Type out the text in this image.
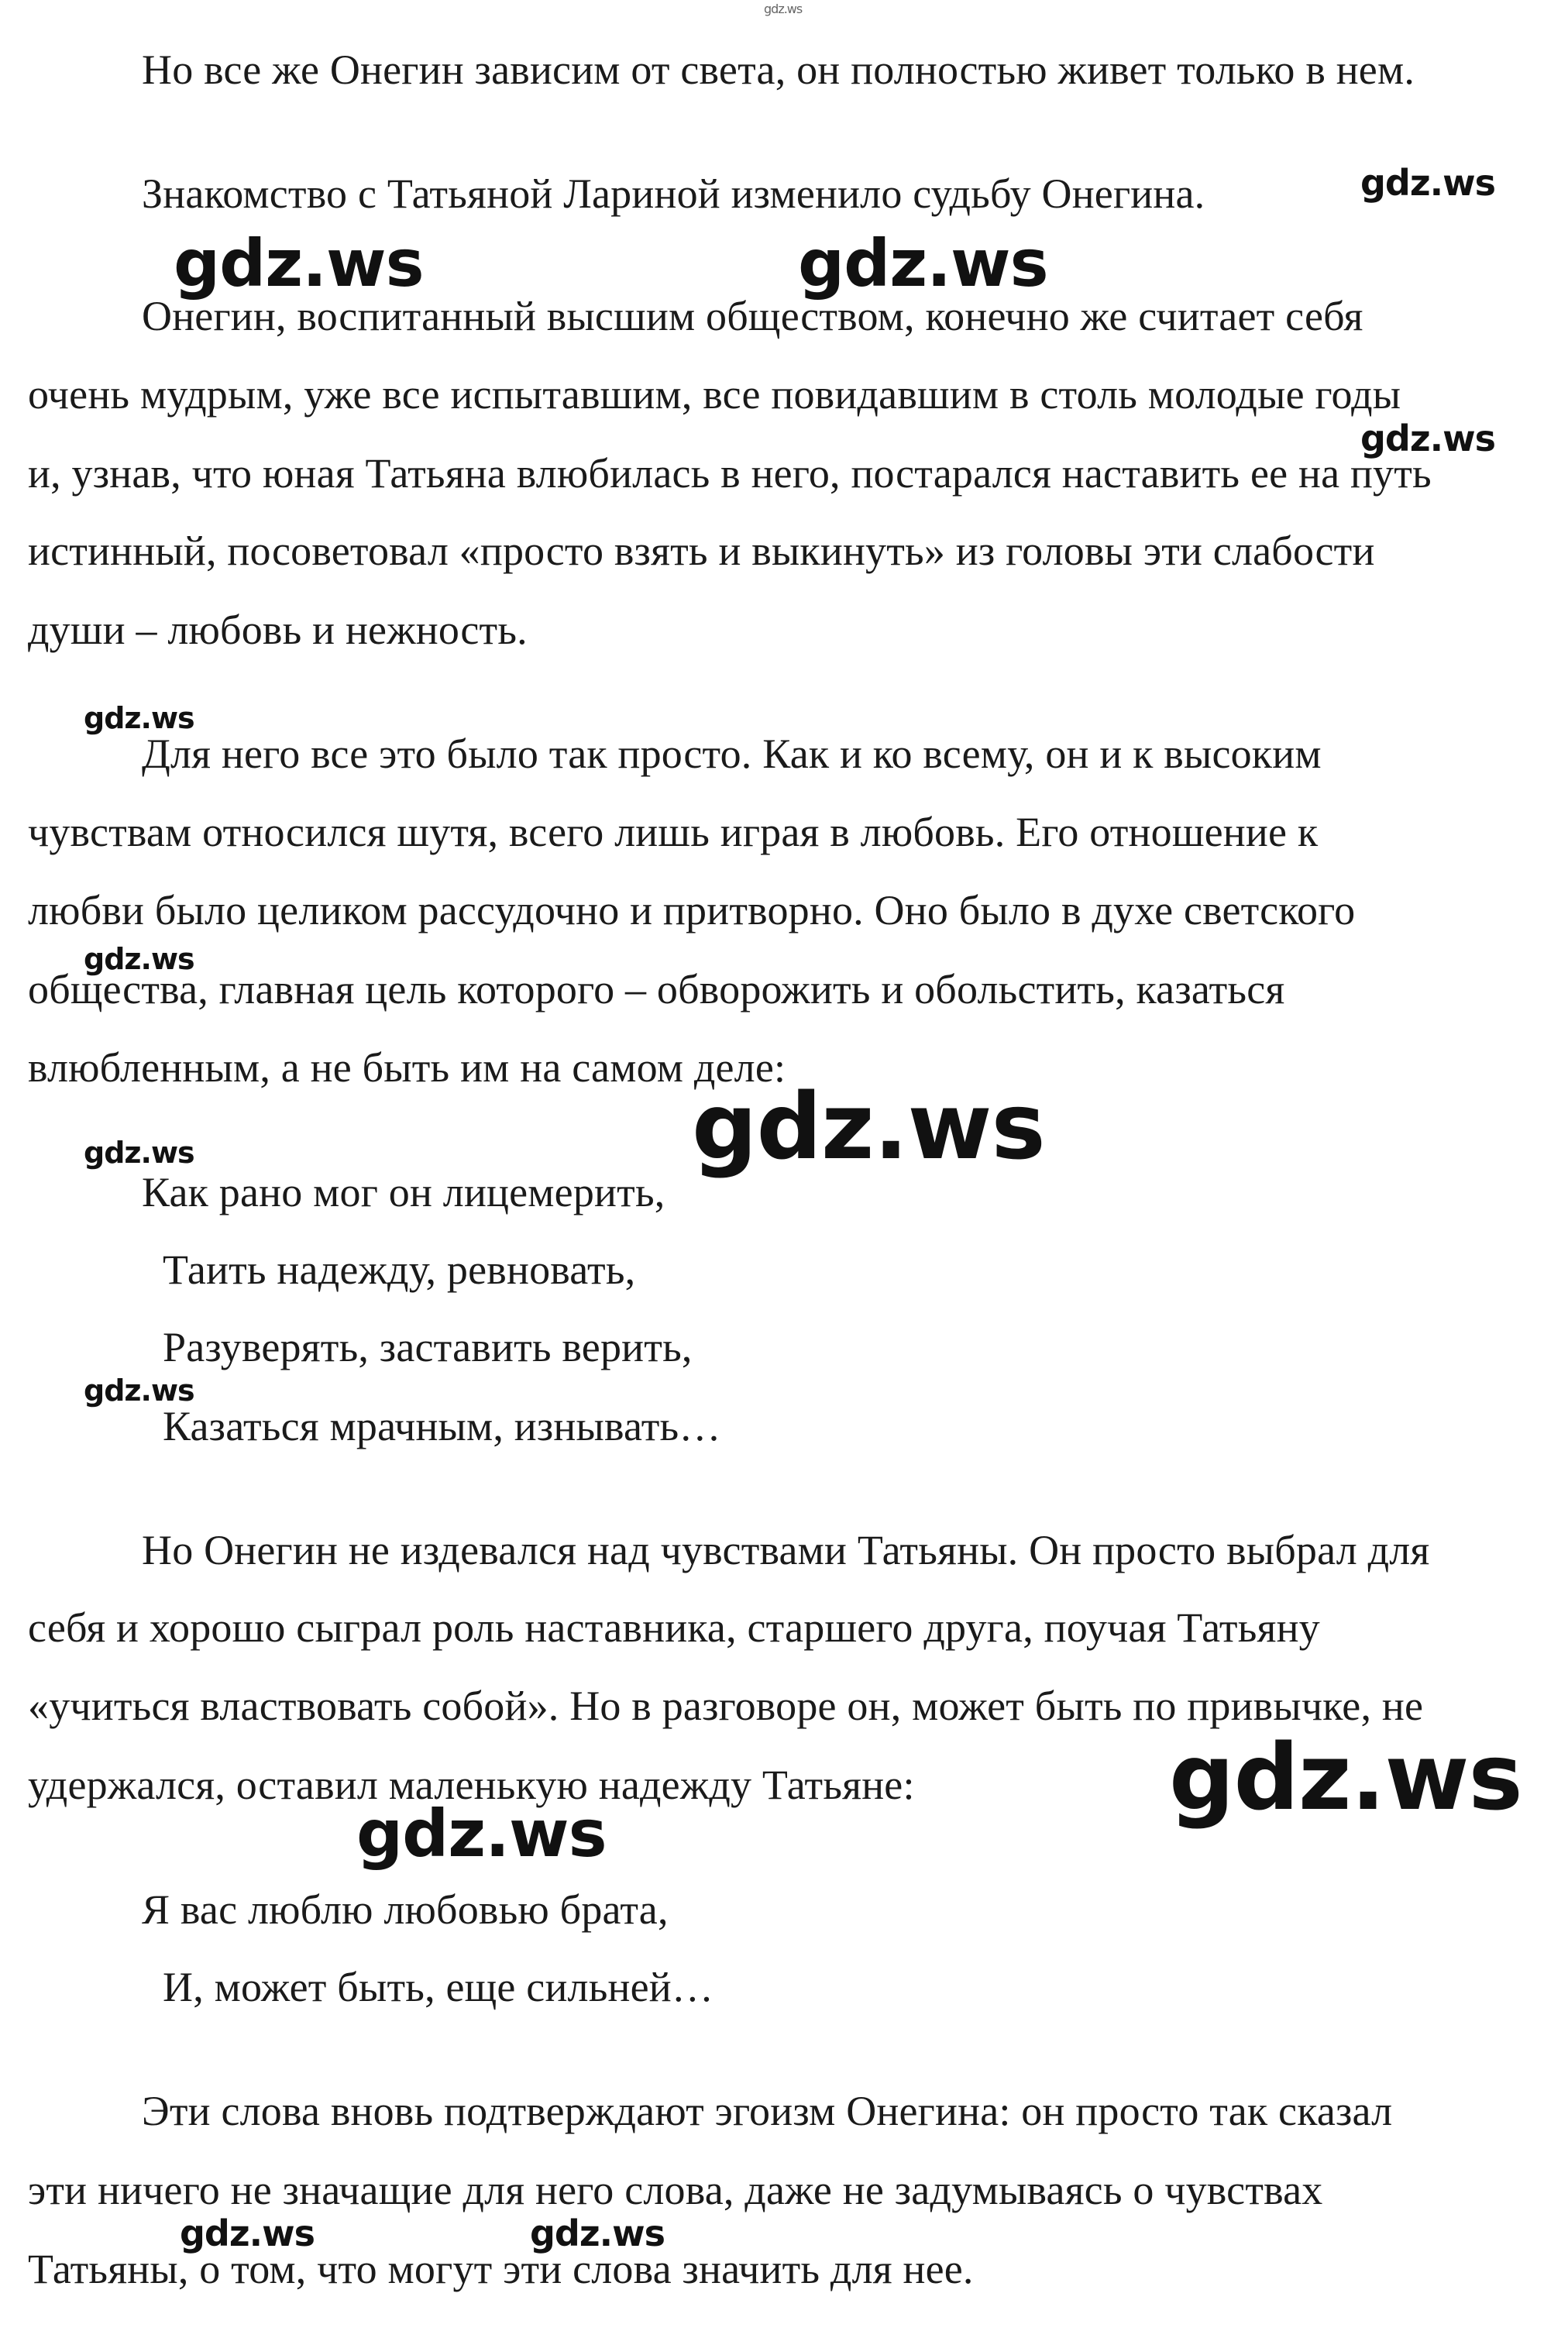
gdz.ws
Но все же Онегин зависим от света, он полностью живет только в нем.
Знакомство с Татьяной Лариной изменило судьбу Онегина.
Онегин, воспитанный высшим обществом, конечно же считает себя
очень мудрым, уже все испытавшим, все повидавшим в столь молодые годы
и, узнав, что юная Татьяна влюбилась в него, постарался наставить ее на путь
истинный, посоветовал «просто взять и выкинуть» из головы эти слабости
души – любовь и нежность.
Для него все это было так просто. Как и ко всему, он и к высоким
чувствам относился шутя, всего лишь играя в любовь. Его отношение к
любви было целиком рассудочно и притворно. Оно было в духе светского
общества, главная цель которого – обворожить и обольстить, казаться
влюбленным, а не быть им на самом деле:
Как рано мог он лицемерить,
Таить надежду, ревновать,
Разуверять, заставить верить,
Казаться мрачным, изнывать…
Но Онегин не издевался над чувствами Татьяны. Он просто выбрал для
себя и хорошо сыграл роль наставника, старшего друга, поучая Татьяну
«учиться властвовать собой». Но в разговоре он, может быть по привычке, не
удержался, оставил маленькую надежду Татьяне:
Я вас люблю любовью брата,
И, может быть, еще сильней…
Эти слова вновь подтверждают эгоизм Онегина: он просто так сказал
эти ничего не значащие для него слова, даже не задумываясь о чувствах
Татьяны, о том, что могут эти слова значить для нее.
gdz.ws
gdz.ws	gdz.ws
gdz.ws
gdz.ws
gdz.ws
gdz.ws
gdz.ws
gdz.ws
gdz.ws
gdz.ws
gdz.ws	gdz.ws
